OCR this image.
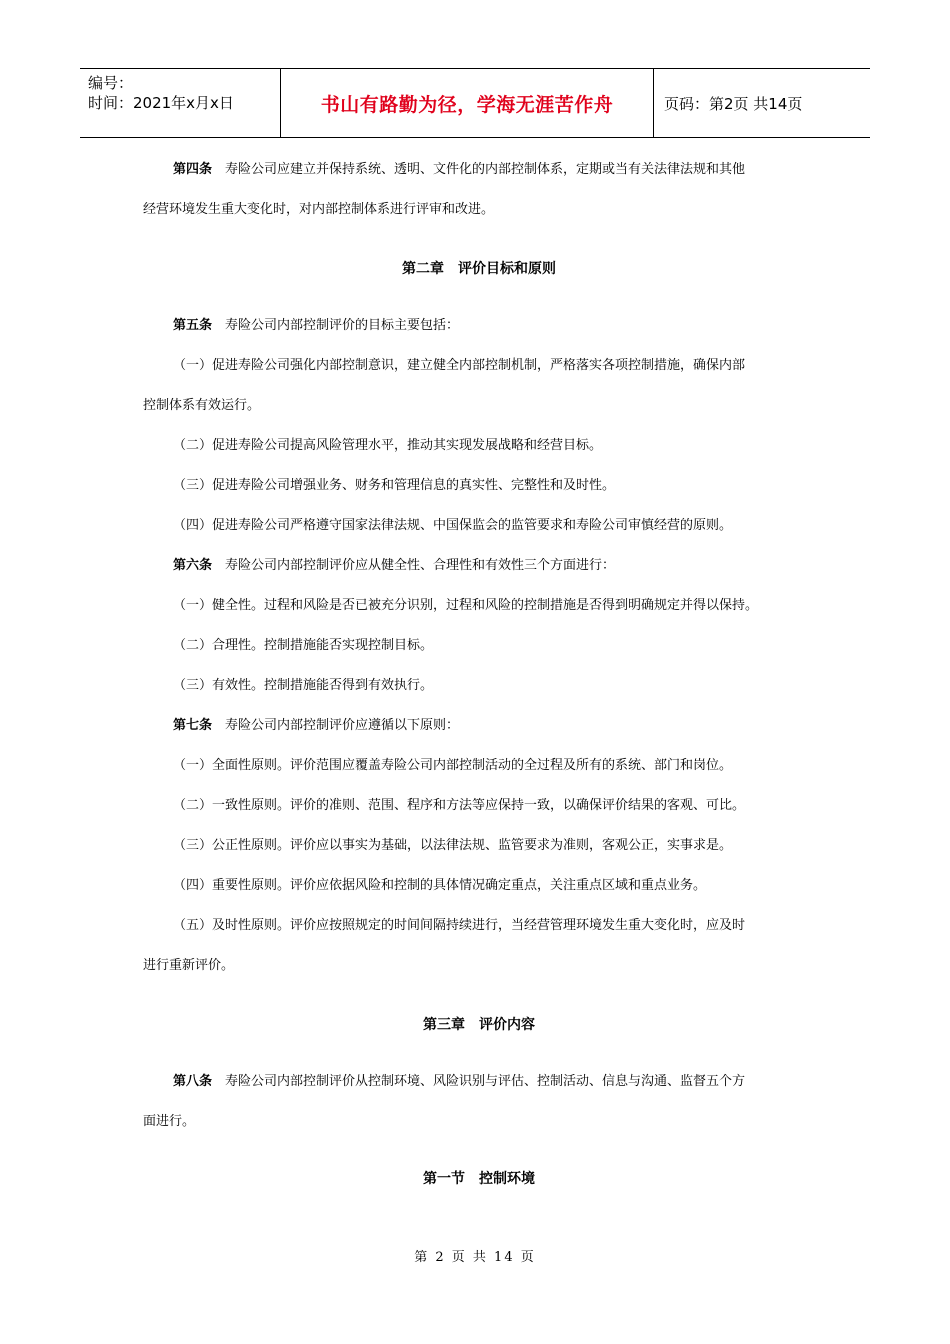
编号：
时间：2021年x月x日	书山有路勤为径，学海无涯苦作舟	页码：第2页 共14页

第四条　 寿险公司应建立并保持系统、透明、文件化的内部控制体系，定期或当有关法律法规和其他

经营环境发生重大变化时，对内部控制体系进行评审和改进。

第二章　评价目标和原则

第五条　 寿险公司内部控制评价的目标主要包括：

（一）促进寿险公司强化内部控制意识，建立健全内部控制机制，严格落实各项控制措施，确保内部

控制体系有效运行。

（二）促进寿险公司提高风险管理水平，推动其实现发展战略和经营目标。

（三）促进寿险公司增强业务、财务和管理信息的真实性、完整性和及时性。

（四）促进寿险公司严格遵守国家法律法规、中国保监会的监管要求和寿险公司审慎经营的原则。

第六条　 寿险公司内部控制评价应从健全性、合理性和有效性三个方面进行：

（一）健全性。过程和风险是否已被充分识别，过程和风险的控制措施是否得到明确规定并得以保持。

（二）合理性。控制措施能否实现控制目标。

（三）有效性。控制措施能否得到有效执行。

第七条　 寿险公司内部控制评价应遵循以下原则：

（一）全面性原则。评价范围应覆盖寿险公司内部控制活动的全过程及所有的系统、部门和岗位。

（二）一致性原则。评价的准则、范围、程序和方法等应保持一致，以确保评价结果的客观、可比。

（三）公正性原则。评价应以事实为基础，以法律法规、监管要求为准则，客观公正，实事求是。

（四）重要性原则。评价应依据风险和控制的具体情况确定重点，关注重点区域和重点业务。

（五）及时性原则。评价应按照规定的时间间隔持续进行，当经营管理环境发生重大变化时，应及时

进行重新评价。

第三章　评价内容

第八条　 寿险公司内部控制评价从控制环境、风险识别与评估、控制活动、信息与沟通、监督五个方

面进行。

第一节　控制环境

第 2 页 共 14 页
